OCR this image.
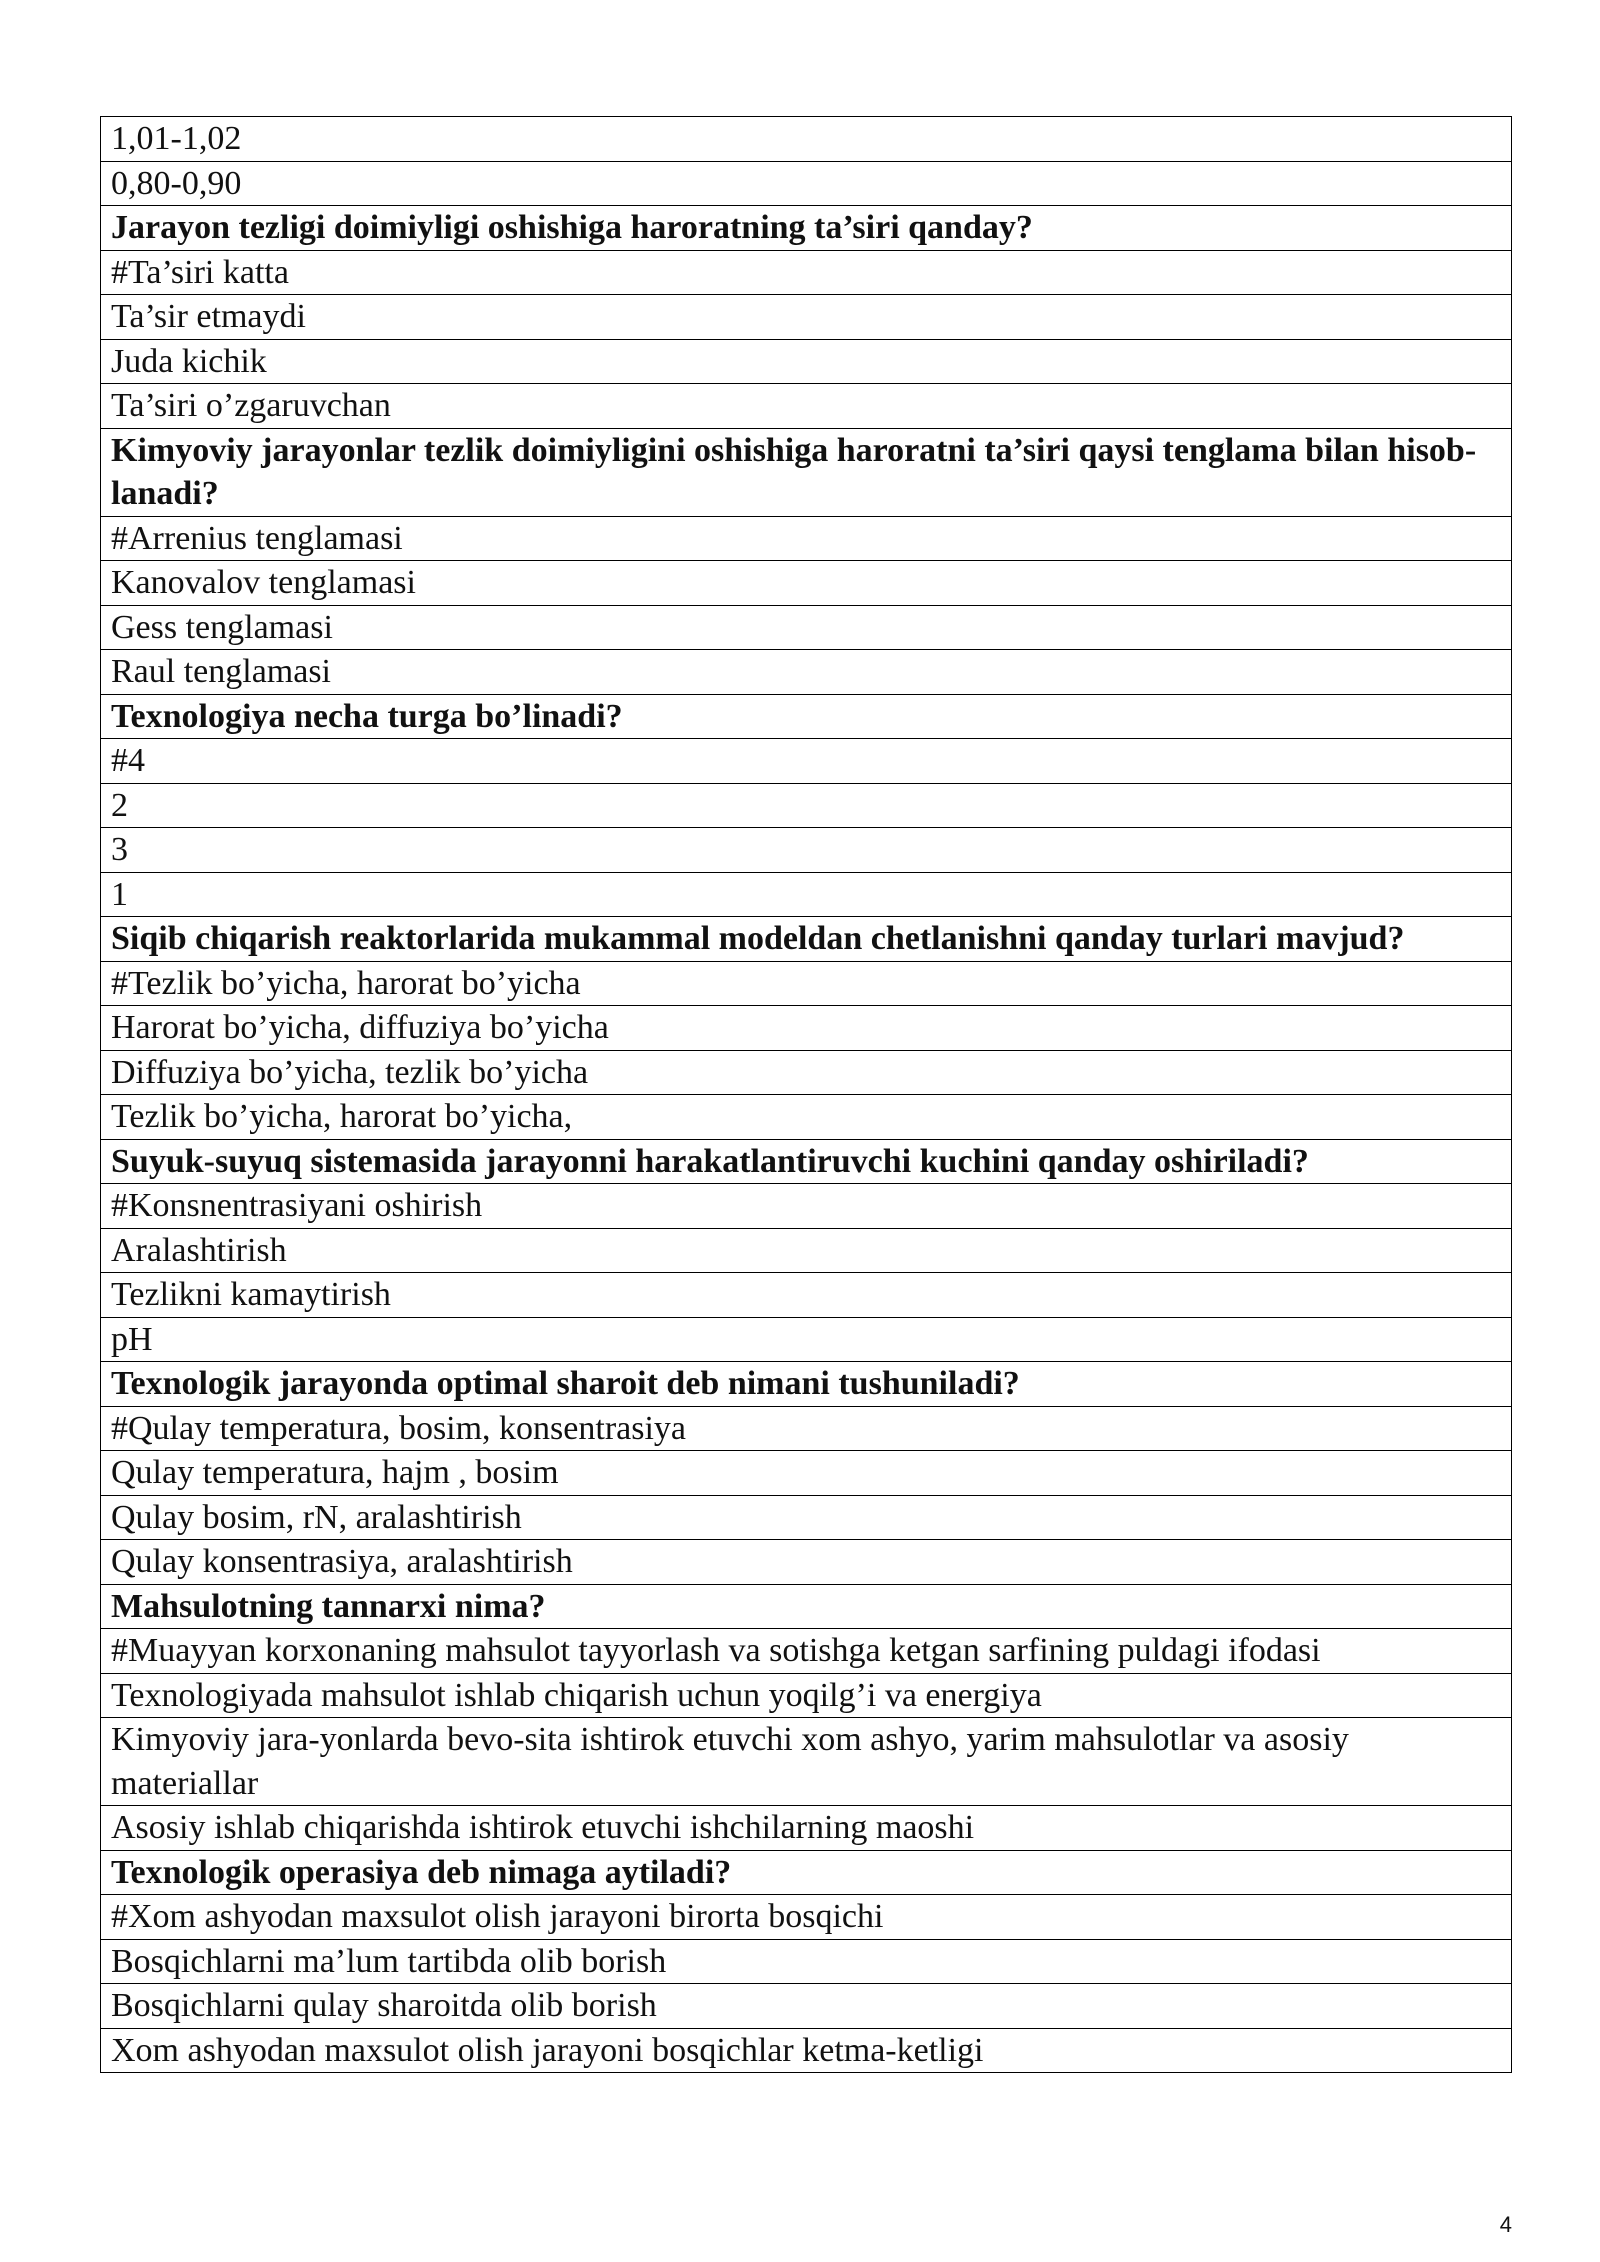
1,01-1,02
0,80-0,90
Jarayon tezligi doimiyligi oshishiga haroratning ta’siri qanday?
#Ta’siri katta
Ta’sir etmaydi
Juda kichik
Ta’siri o’zgaruvchan
Kimyoviy jarayonlar tezlik doimiyligini oshishiga haroratni ta’siri qaysi tenglama bilan hisob-lanadi?
#Arrenius tenglamasi
Kanovalov tenglamasi
Gess tenglamasi
Raul tenglamasi
Texnologiya necha turga bo’linadi?
#4
2
3
1
Siqib chiqarish reaktorlarida mukammal modeldan chetlanishni qanday turlari mavjud?
#Tezlik bo’yicha, harorat bo’yicha
Harorat bo’yicha, diffuziya bo’yicha
Diffuziya bo’yicha, tezlik bo’yicha
Tezlik bo’yicha, harorat bo’yicha,
Suyuk-suyuq sistemasida jarayonni harakatlantiruvchi kuchini qanday oshiriladi?
#Konsnentrasiyani oshirish
Aralashtirish
Tezlikni kamaytirish
pH
Texnologik jarayonda optimal sharoit deb nimani tushuniladi?
#Qulay temperatura, bosim, konsentrasiya
Qulay temperatura, hajm , bosim
Qulay bosim, rN, aralashtirish
Qulay konsentrasiya, aralashtirish
Mahsulotning tannarxi nima?
#Muayyan korxonaning mahsulot tayyorlash va sotishga ketgan sarfining puldagi ifodasi
Texnologiyada mahsulot ishlab chiqarish uchun yoqilg’i va energiya
Kimyoviy jara-yonlarda bevo-sita ishtirok etuvchi xom ashyo, yarim mahsulotlar va asosiy materiallar
Asosiy ishlab chiqarishda ishtirok etuvchi ishchilarning maoshi
Texnologik operasiya deb nimaga aytiladi?
#Xom ashyodan maxsulot olish jarayoni birorta bosqichi
Bosqichlarni ma’lum tartibda olib borish
Bosqichlarni qulay sharoitda olib borish
Xom ashyodan maxsulot olish jarayoni bosqichlar ketma-ketligi
4
